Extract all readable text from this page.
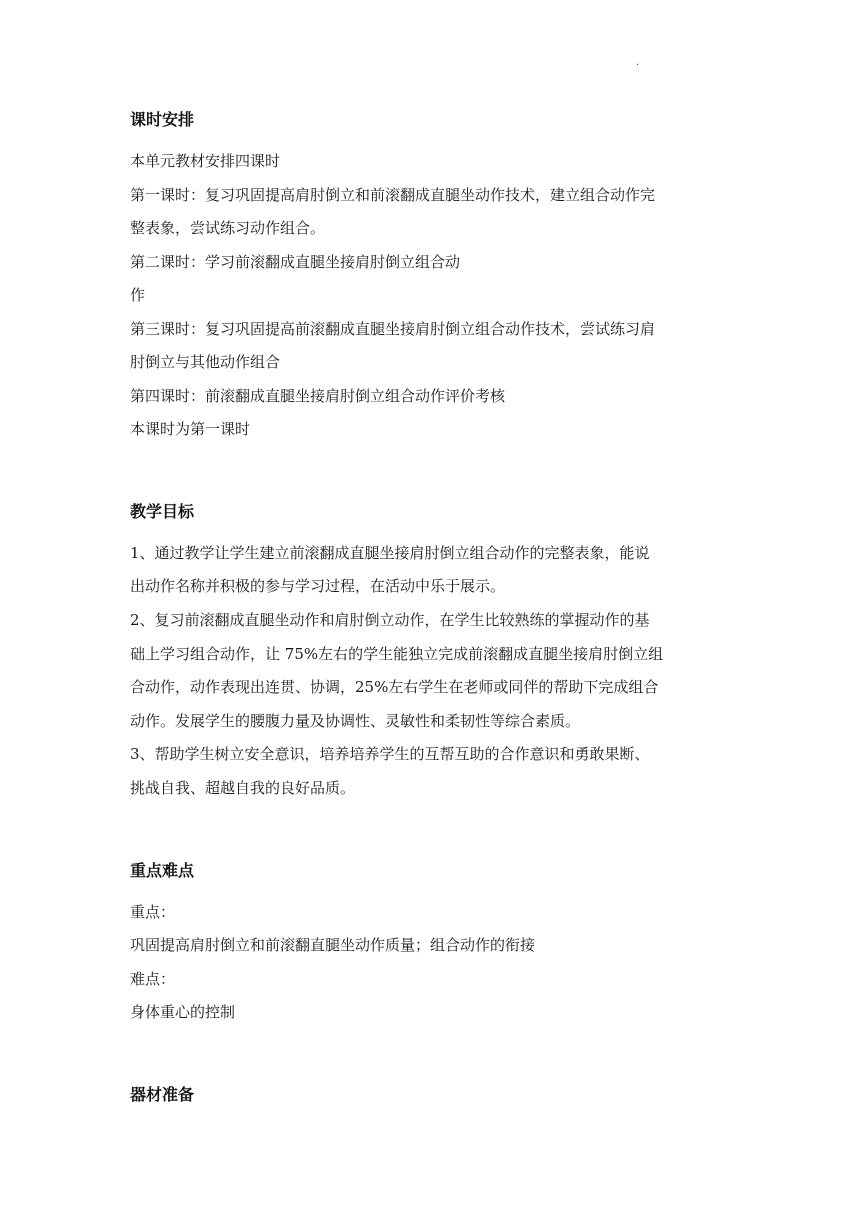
.
课时安排
本单元教材安排四课时
第一课时：复习巩固提高肩肘倒立和前滚翻成直腿坐动作技术，建立组合动作完
整表象，尝试练习动作组合。
第二课时：学习前滚翻成直腿坐接肩肘倒立组合动
作
第三课时：复习巩固提高前滚翻成直腿坐接肩肘倒立组合动作技术，尝试练习肩
肘倒立与其他动作组合
第四课时：前滚翻成直腿坐接肩肘倒立组合动作评价考核
本课时为第一课时
教学目标
1、通过教学让学生建立前滚翻成直腿坐接肩肘倒立组合动作的完整表象，能说
出动作名称并积极的参与学习过程，在活动中乐于展示。
2、复习前滚翻成直腿坐动作和肩肘倒立动作，在学生比较熟练的掌握动作的基
础上学习组合动作，让 75%左右的学生能独立完成前滚翻成直腿坐接肩肘倒立组
合动作，动作表现出连贯、协调，25%左右学生在老师或同伴的帮助下完成组合
动作。发展学生的腰腹力量及协调性、灵敏性和柔韧性等综合素质。
3、帮助学生树立安全意识，培养培养学生的互帮互助的合作意识和勇敢果断、
挑战自我、超越自我的良好品质。
重点难点
重点：
巩固提高肩肘倒立和前滚翻直腿坐动作质量；组合动作的衔接
难点：
身体重心的控制
器材准备
